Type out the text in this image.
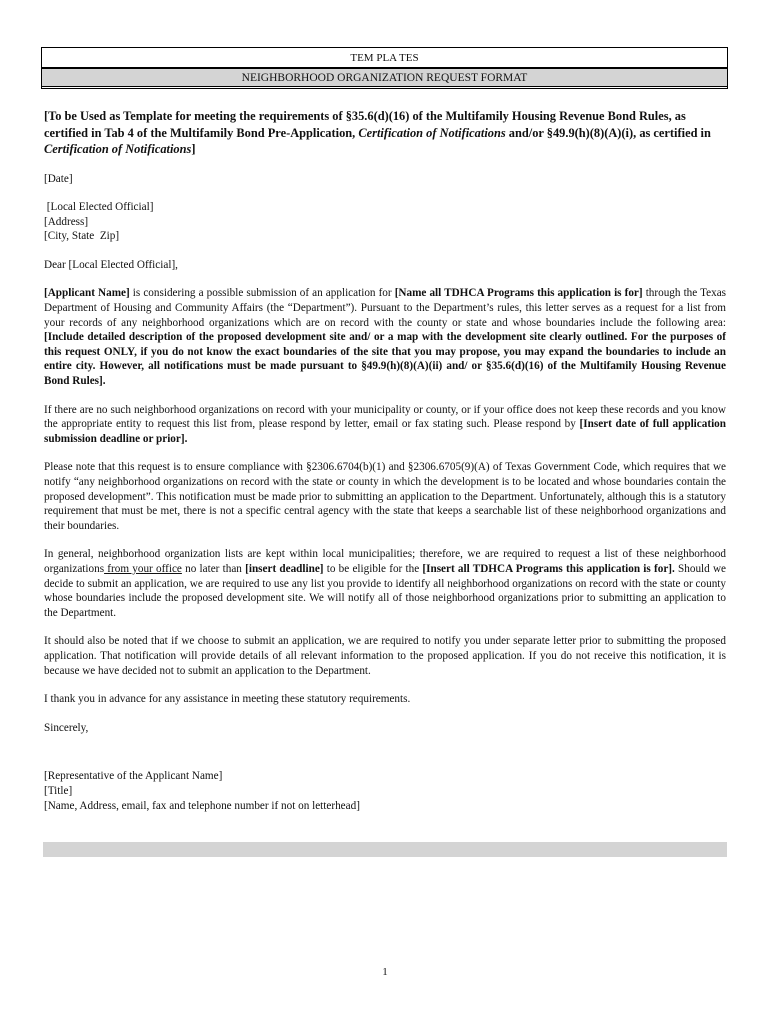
TEM PLA TES
NEIGHBORHOOD ORGANIZATION REQUEST FORMAT

[To be Used as Template for meeting the requirements of §35.6(d)(16) of the Multifamily Housing Revenue Bond Rules, as certified in Tab 4 of the Multifamily Bond Pre-Application, Certification of Notifications and/or §49.9(h)(8)(A)(i), as certified in Certification of Notifications]

[Date]

[Local Elected Official]
[Address]
[City, State  Zip]

Dear [Local Elected Official],

[Applicant Name] is considering a possible submission of an application for [Name all TDHCA Programs this application is for] through the Texas Department of Housing and Community Affairs (the “Department”). Pursuant to the Department’s rules, this letter serves as a request for a list from your records of any neighborhood organizations which are on record with the county or state and whose boundaries include the following area: [Include detailed description of the proposed development site and/ or a map with the development site clearly outlined. For the purposes of this request ONLY, if you do not know the exact boundaries of the site that you may propose, you may expand the boundaries to include an entire city. However, all notifications must be made pursuant to §49.9(h)(8)(A)(ii) and/ or §35.6(d)(16) of the Multifamily Housing Revenue Bond Rules].

If there are no such neighborhood organizations on record with your municipality or county, or if your office does not keep these records and you know the appropriate entity to request this list from, please respond by letter, email or fax stating such. Please respond by [Insert date of full application submission deadline or prior].

Please note that this request is to ensure compliance with §2306.6704(b)(1) and §2306.6705(9)(A) of Texas Government Code, which requires that we notify “any neighborhood organizations on record with the state or county in which the development is to be located and whose boundaries contain the proposed development”. This notification must be made prior to submitting an application to the Department. Unfortunately, although this is a statutory requirement that must be met, there is not a specific central agency with the state that keeps a searchable list of these neighborhood organizations and their boundaries.

In general, neighborhood organization lists are kept within local municipalities; therefore, we are required to request a list of these neighborhood organizations from your office no later than [insert deadline] to be eligible for the [Insert all TDHCA Programs this application is for]. Should we decide to submit an application, we are required to use any list you provide to identify all neighborhood organizations on record with the state or county whose boundaries include the proposed development site. We will notify all of those neighborhood organizations prior to submitting an application to the Department.

It should also be noted that if we choose to submit an application, we are required to notify you under separate letter prior to submitting the proposed application. That notification will provide details of all relevant information to the proposed application. If you do not receive this notification, it is because we have decided not to submit an application to the Department.

I thank you in advance for any assistance in meeting these statutory requirements.

Sincerely,

[Representative of the Applicant Name]
[Title]
[Name, Address, email, fax and telephone number if not on letterhead]

1
